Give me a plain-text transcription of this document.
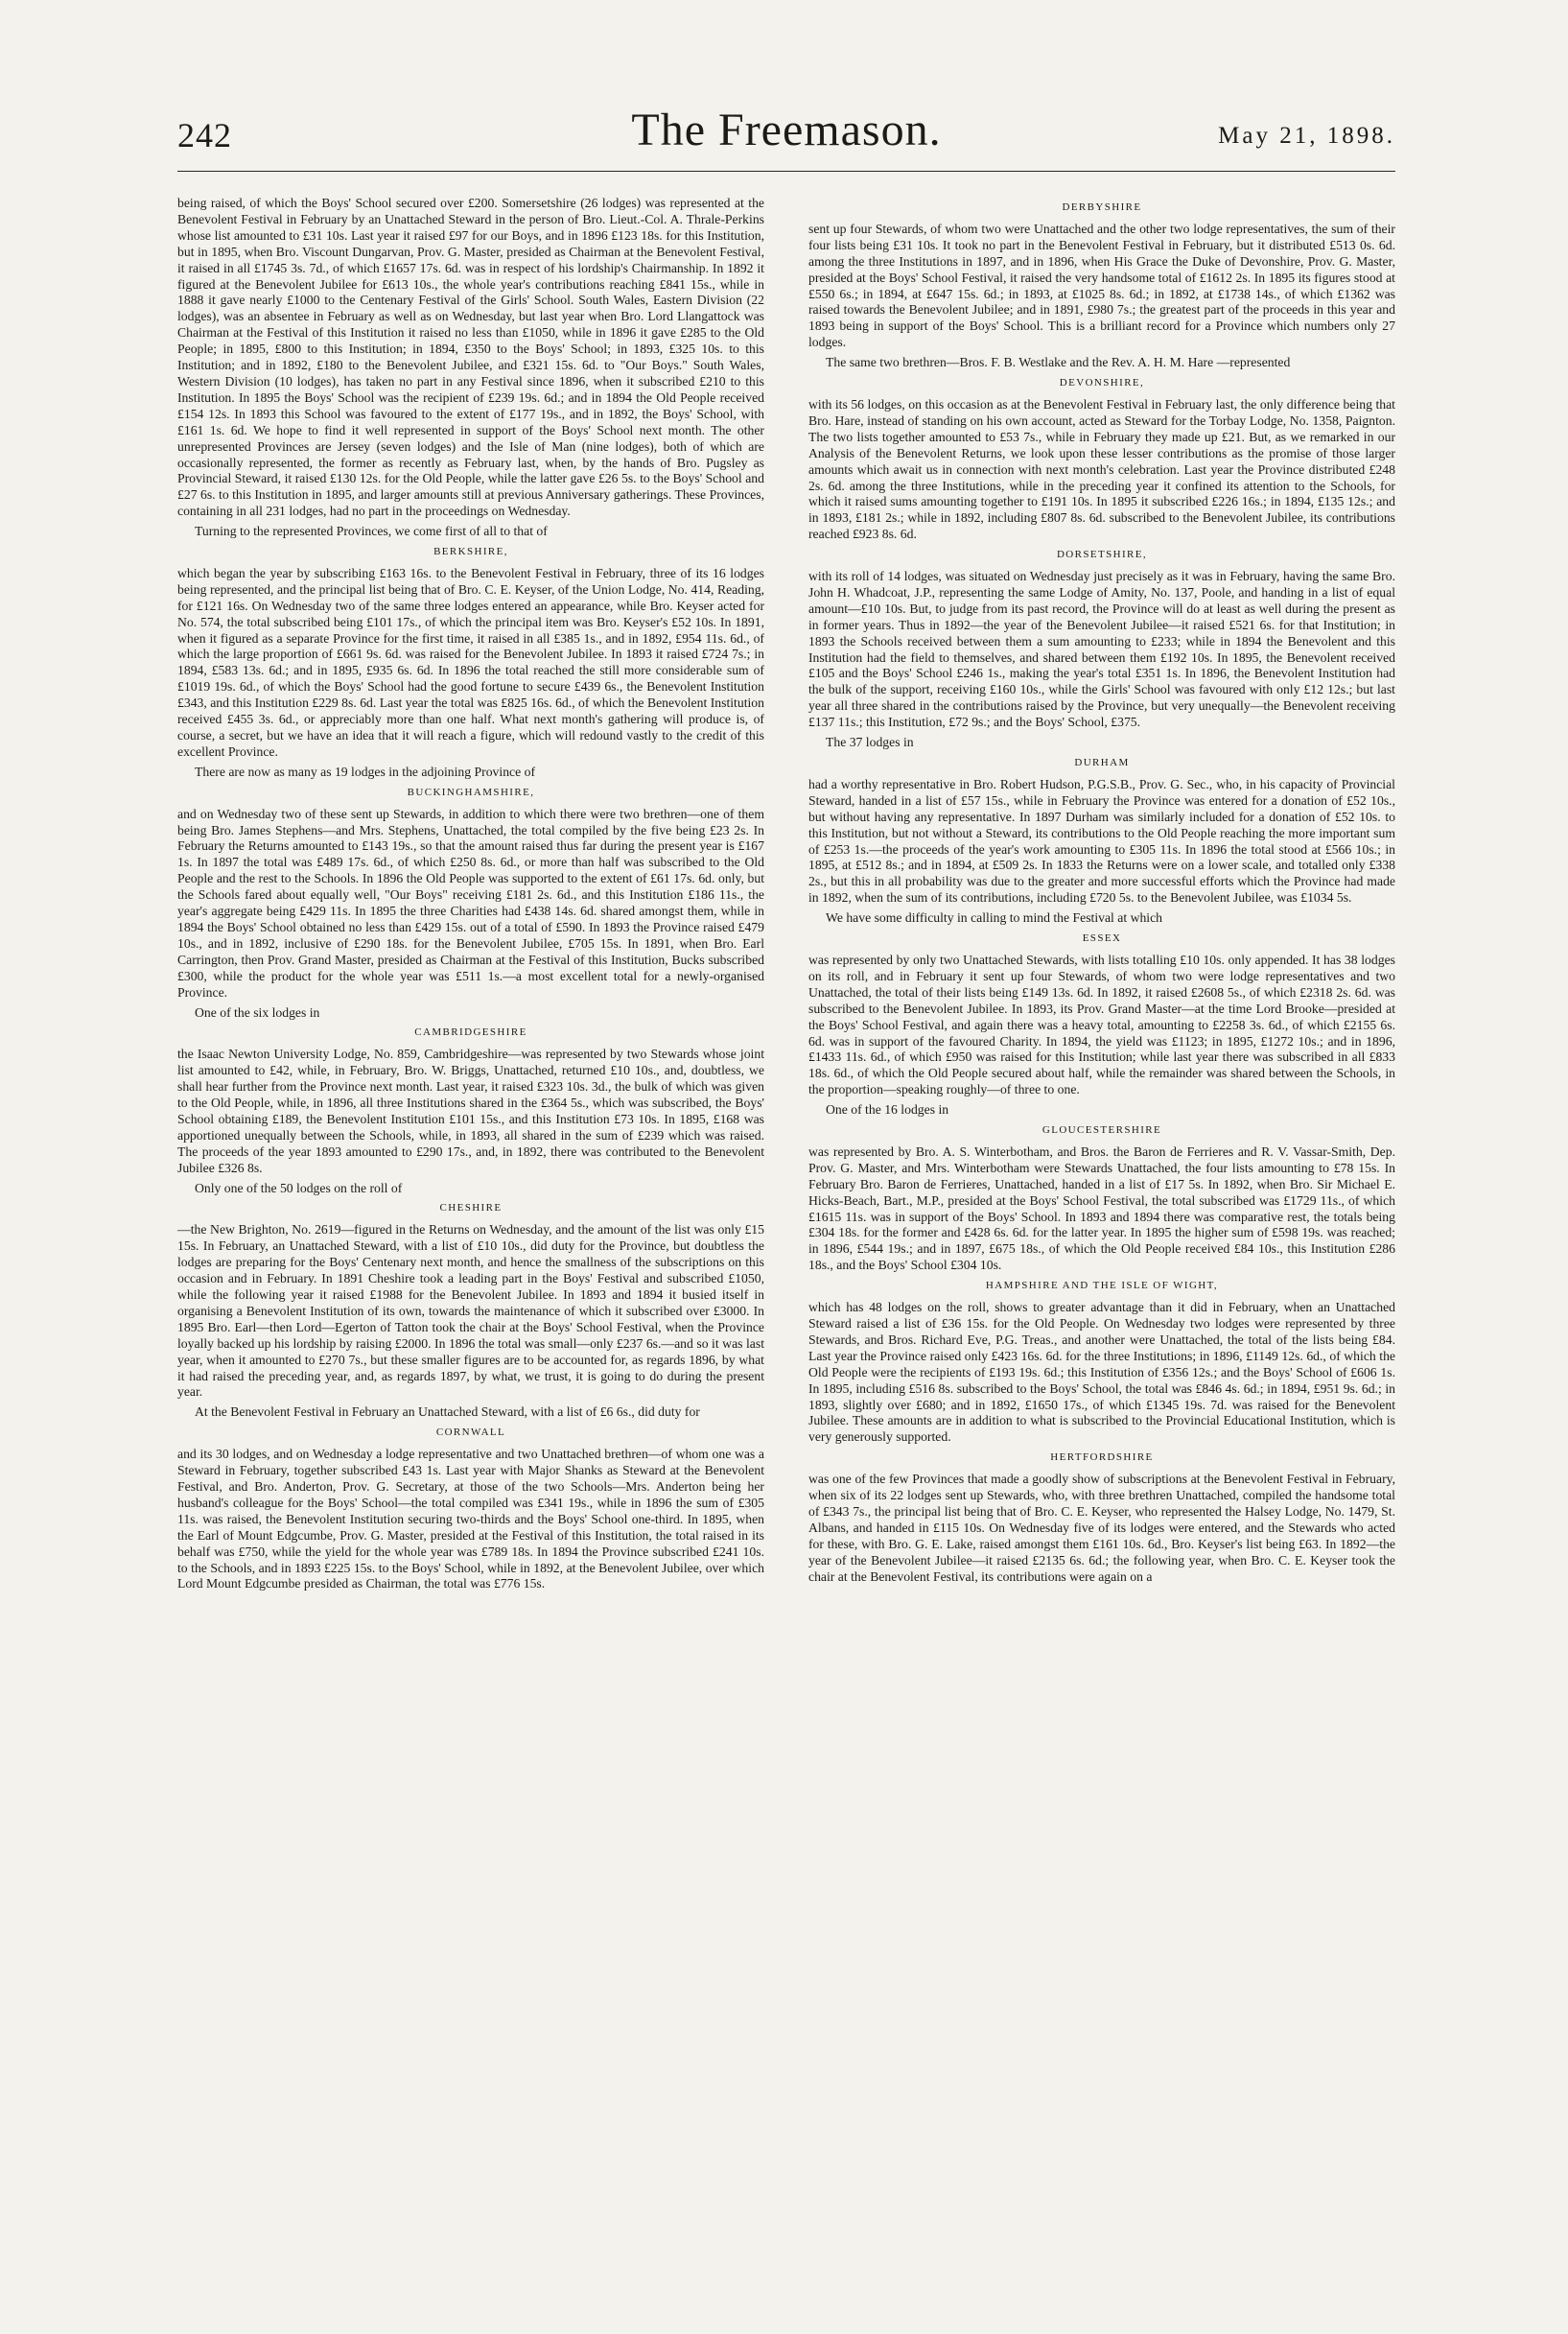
242	The Freemason.	May 21, 1898.

being raised, of which the Boys' School secured over £200. Somersetshire (26 lodges) was represented at the Benevolent Festival in February by an Unattached Steward in the person of Bro. Lieut.-Col. A. Thrale-Perkins whose list amounted to £31 10s. Last year it raised £97 for our Boys, and in 1896 £123 18s. for this Institution, but in 1895, when Bro. Viscount Dungarvan, Prov. G. Master, presided as Chairman at the Benevolent Festival, it raised in all £1745 3s. 7d., of which £1657 17s. 6d. was in respect of his lordship's Chairmanship. In 1892 it figured at the Benevolent Jubilee for £613 10s., the whole year's contributions reaching £841 15s., while in 1888 it gave nearly £1000 to the Centenary Festival of the Girls' School. South Wales, Eastern Division (22 lodges), was an absentee in February as well as on Wednesday, but last year when Bro. Lord Llangattock was Chairman at the Festival of this Institution it raised no less than £1050, while in 1896 it gave £285 to the Old People; in 1895, £800 to this Institution; in 1894, £350 to the Boys' School; in 1893, £325 10s. to this Institution; and in 1892, £180 to the Benevolent Jubilee, and £321 15s. 6d. to "Our Boys." South Wales, Western Division (10 lodges), has taken no part in any Festival since 1896, when it subscribed £210 to this Institution. In 1895 the Boys' School was the recipient of £239 19s. 6d.; and in 1894 the Old People received £154 12s. In 1893 this School was favoured to the extent of £177 19s., and in 1892, the Boys' School, with £161 1s. 6d. We hope to find it well represented in support of the Boys' School next month. The other unrepresented Provinces are Jersey (seven lodges) and the Isle of Man (nine lodges), both of which are occasionally represented, the former as recently as February last, when, by the hands of Bro. Pugsley as Provincial Steward, it raised £130 12s. for the Old People, while the latter gave £26 5s. to the Boys' School and £27 6s. to this Institution in 1895, and larger amounts still at previous Anniversary gatherings. These Provinces, containing in all 231 lodges, had no part in the proceedings on Wednesday.

Turning to the represented Provinces, we come first of all to that of

BERKSHIRE,

which began the year by subscribing £163 16s. to the Benevolent Festival in February, three of its 16 lodges being represented, and the principal list being that of Bro. C. E. Keyser, of the Union Lodge, No. 414, Reading, for £121 16s. On Wednesday two of the same three lodges entered an appearance, while Bro. Keyser acted for No. 574, the total subscribed being £101 17s., of which the principal item was Bro. Keyser's £52 10s. In 1891, when it figured as a separate Province for the first time, it raised in all £385 1s., and in 1892, £954 11s. 6d., of which the large proportion of £661 9s. 6d. was raised for the Benevolent Jubilee. In 1893 it raised £724 7s.; in 1894, £583 13s. 6d.; and in 1895, £935 6s. 6d. In 1896 the total reached the still more considerable sum of £1019 19s. 6d., of which the Boys' School had the good fortune to secure £439 6s., the Benevolent Institution £343, and this Institution £229 8s. 6d. Last year the total was £825 16s. 6d., of which the Benevolent Institution received £455 3s. 6d., or appreciably more than one half. What next month's gathering will produce is, of course, a secret, but we have an idea that it will reach a figure, which will redound vastly to the credit of this excellent Province.

There are now as many as 19 lodges in the adjoining Province of

BUCKINGHAMSHIRE,

and on Wednesday two of these sent up Stewards, in addition to which there were two brethren—one of them being Bro. James Stephens—and Mrs. Stephens, Unattached, the total compiled by the five being £23 2s. In February the Returns amounted to £143 19s., so that the amount raised thus far during the present year is £167 1s. In 1897 the total was £489 17s. 6d., of which £250 8s. 6d., or more than half was subscribed to the Old People and the rest to the Schools. In 1896 the Old People was supported to the extent of £61 17s. 6d. only, but the Schools fared about equally well, "Our Boys" receiving £181 2s. 6d., and this Institution £186 11s., the year's aggregate being £429 11s. In 1895 the three Charities had £438 14s. 6d. shared amongst them, while in 1894 the Boys' School obtained no less than £429 15s. out of a total of £590. In 1893 the Province raised £479 10s., and in 1892, inclusive of £290 18s. for the Benevolent Jubilee, £705 15s. In 1891, when Bro. Earl Carrington, then Prov. Grand Master, presided as Chairman at the Festival of this Institution, Bucks subscribed £300, while the product for the whole year was £511 1s.—a most excellent total for a newly-organised Province.

One of the six lodges in

CAMBRIDGESHIRE

the Isaac Newton University Lodge, No. 859, Cambridgeshire—was represented by two Stewards whose joint list amounted to £42, while, in February, Bro. W. Briggs, Unattached, returned £10 10s., and, doubtless, we shall hear further from the Province next month. Last year, it raised £323 10s. 3d., the bulk of which was given to the Old People, while, in 1896, all three Institutions shared in the £364 5s., which was subscribed, the Boys' School obtaining £189, the Benevolent Institution £101 15s., and this Institution £73 10s. In 1895, £168 was apportioned unequally between the Schools, while, in 1893, all shared in the sum of £239 which was raised. The proceeds of the year 1893 amounted to £290 17s., and, in 1892, there was contributed to the Benevolent Jubilee £326 8s.

Only one of the 50 lodges on the roll of

CHESHIRE

—the New Brighton, No. 2619—figured in the Returns on Wednesday, and the amount of the list was only £15 15s. In February, an Unattached Steward, with a list of £10 10s., did duty for the Province, but doubtless the lodges are preparing for the Boys' Centenary next month, and hence the smallness of the subscriptions on this occasion and in February. In 1891 Cheshire took a leading part in the Boys' Festival and subscribed £1050, while the following year it raised £1988 for the Benevolent Jubilee. In 1893 and 1894 it busied itself in organising a Benevolent Institution of its own, towards the maintenance of which it subscribed over £3000. In 1895 Bro. Earl—then Lord—Egerton of Tatton took the chair at the Boys' School Festival, when the Province loyally backed up his lordship by raising £2000. In 1896 the total was small—only £237 6s.—and so it was last year, when it amounted to £270 7s., but these smaller figures are to be accounted for, as regards 1896, by what it had raised the preceding year, and, as regards 1897, by what, we trust, it is going to do during the present year.

At the Benevolent Festival in February an Unattached Steward, with a list of £6 6s., did duty for

CORNWALL

and its 30 lodges, and on Wednesday a lodge representative and two Unattached brethren—of whom one was a Steward in February, together subscribed £43 1s. Last year with Major Shanks as Steward at the Benevolent Festival, and Bro. Anderton, Prov. G. Secretary, at those of the two Schools—Mrs. Anderton being her husband's colleague for the Boys' School—the total compiled was £341 19s., while in 1896 the sum of £305 11s. was raised, the Benevolent Institution securing two-thirds and the Boys' School one-third. In 1895, when the Earl of Mount Edgcumbe, Prov. G. Master, presided at the Festival of this Institution, the total raised in its behalf was £750, while the yield for the whole year was £789 18s. In 1894 the Province subscribed £241 10s. to the Schools, and in 1893 £225 15s. to the Boys' School, while in 1892, at the Benevolent Jubilee, over which Lord Mount Edgcumbe presided as Chairman, the total was £776 15s.

DERBYSHIRE

sent up four Stewards, of whom two were Unattached and the other two lodge representatives, the sum of their four lists being £31 10s. It took no part in the Benevolent Festival in February, but it distributed £513 0s. 6d. among the three Institutions in 1897, and in 1896, when His Grace the Duke of Devonshire, Prov. G. Master, presided at the Boys' School Festival, it raised the very handsome total of £1612 2s. In 1895 its figures stood at £550 6s.; in 1894, at £647 15s. 6d.; in 1893, at £1025 8s. 6d.; in 1892, at £1738 14s., of which £1362 was raised towards the Benevolent Jubilee; and in 1891, £980 7s.; the greatest part of the proceeds in this year and 1893 being in support of the Boys' School. This is a brilliant record for a Province which numbers only 27 lodges.

The same two brethren—Bros. F. B. Westlake and the Rev. A. H. M. Hare —represented

DEVONSHIRE,

with its 56 lodges, on this occasion as at the Benevolent Festival in February last, the only difference being that Bro. Hare, instead of standing on his own account, acted as Steward for the Torbay Lodge, No. 1358, Paignton. The two lists together amounted to £53 7s., while in February they made up £21. But, as we remarked in our Analysis of the Benevolent Returns, we look upon these lesser contributions as the promise of those larger amounts which await us in connection with next month's celebration. Last year the Province distributed £248 2s. 6d. among the three Institutions, while in the preceding year it confined its attention to the Schools, for which it raised sums amounting together to £191 10s. In 1895 it subscribed £226 16s.; in 1894, £135 12s.; and in 1893, £181 2s.; while in 1892, including £807 8s. 6d. subscribed to the Benevolent Jubilee, its contributions reached £923 8s. 6d.

DORSETSHIRE,

with its roll of 14 lodges, was situated on Wednesday just precisely as it was in February, having the same Bro. John H. Whadcoat, J.P., representing the same Lodge of Amity, No. 137, Poole, and handing in a list of equal amount—£10 10s. But, to judge from its past record, the Province will do at least as well during the present as in former years. Thus in 1892—the year of the Benevolent Jubilee—it raised £521 6s. for that Institution; in 1893 the Schools received between them a sum amounting to £233; while in 1894 the Benevolent and this Institution had the field to themselves, and shared between them £192 10s. In 1895, the Benevolent received £105 and the Boys' School £246 1s., making the year's total £351 1s. In 1896, the Benevolent Institution had the bulk of the support, receiving £160 10s., while the Girls' School was favoured with only £12 12s.; but last year all three shared in the contributions raised by the Province, but very unequally—the Benevolent receiving £137 11s.; this Institution, £72 9s.; and the Boys' School, £375.

The 37 lodges in

DURHAM

had a worthy representative in Bro. Robert Hudson, P.G.S.B., Prov. G. Sec., who, in his capacity of Provincial Steward, handed in a list of £57 15s., while in February the Province was entered for a donation of £52 10s., but without having any representative. In 1897 Durham was similarly included for a donation of £52 10s. to this Institution, but not without a Steward, its contributions to the Old People reaching the more important sum of £253 1s.—the proceeds of the year's work amounting to £305 11s. In 1896 the total stood at £566 10s.; in 1895, at £512 8s.; and in 1894, at £509 2s. In 1833 the Returns were on a lower scale, and totalled only £338 2s., but this in all probability was due to the greater and more successful efforts which the Province had made in 1892, when the sum of its contributions, including £720 5s. to the Benevolent Jubilee, was £1034 5s.

We have some difficulty in calling to mind the Festival at which

ESSEX

was represented by only two Unattached Stewards, with lists totalling £10 10s. only appended. It has 38 lodges on its roll, and in February it sent up four Stewards, of whom two were lodge representatives and two Unattached, the total of their lists being £149 13s. 6d. In 1892, it raised £2608 5s., of which £2318 2s. 6d. was subscribed to the Benevolent Jubilee. In 1893, its Prov. Grand Master—at the time Lord Brooke—presided at the Boys' School Festival, and again there was a heavy total, amounting to £2258 3s. 6d., of which £2155 6s. 6d. was in support of the favoured Charity. In 1894, the yield was £1123; in 1895, £1272 10s.; and in 1896, £1433 11s. 6d., of which £950 was raised for this Institution; while last year there was subscribed in all £833 18s. 6d., of which the Old People secured about half, while the remainder was shared between the Schools, in the proportion—speaking roughly—of three to one.

One of the 16 lodges in

GLOUCESTERSHIRE

was represented by Bro. A. S. Winterbotham, and Bros. the Baron de Ferrieres and R. V. Vassar-Smith, Dep. Prov. G. Master, and Mrs. Winterbotham were Stewards Unattached, the four lists amounting to £78 15s. In February Bro. Baron de Ferrieres, Unattached, handed in a list of £17 5s. In 1892, when Bro. Sir Michael E. Hicks-Beach, Bart., M.P., presided at the Boys' School Festival, the total subscribed was £1729 11s., of which £1615 11s. was in support of the Boys' School. In 1893 and 1894 there was comparative rest, the totals being £304 18s. for the former and £428 6s. 6d. for the latter year. In 1895 the higher sum of £598 19s. was reached; in 1896, £544 19s.; and in 1897, £675 18s., of which the Old People received £84 10s., this Institution £286 18s., and the Boys' School £304 10s.

HAMPSHIRE AND THE ISLE OF WIGHT,

which has 48 lodges on the roll, shows to greater advantage than it did in February, when an Unattached Steward raised a list of £36 15s. for the Old People. On Wednesday two lodges were represented by three Stewards, and Bros. Richard Eve, P.G. Treas., and another were Unattached, the total of the lists being £84. Last year the Province raised only £423 16s. 6d. for the three Institutions; in 1896, £1149 12s. 6d., of which the Old People were the recipients of £193 19s. 6d.; this Institution of £356 12s.; and the Boys' School of £606 1s. In 1895, including £516 8s. subscribed to the Boys' School, the total was £846 4s. 6d.; in 1894, £951 9s. 6d.; in 1893, slightly over £680; and in 1892, £1650 17s., of which £1345 19s. 7d. was raised for the Benevolent Jubilee. These amounts are in addition to what is subscribed to the Provincial Educational Institution, which is very generously supported.

HERTFORDSHIRE

was one of the few Provinces that made a goodly show of subscriptions at the Benevolent Festival in February, when six of its 22 lodges sent up Stewards, who, with three brethren Unattached, compiled the handsome total of £343 7s., the principal list being that of Bro. C. E. Keyser, who represented the Halsey Lodge, No. 1479, St. Albans, and handed in £115 10s. On Wednesday five of its lodges were entered, and the Stewards who acted for these, with Bro. G. E. Lake, raised amongst them £161 10s. 6d., Bro. Keyser's list being £63. In 1892—the year of the Benevolent Jubilee—it raised £2135 6s. 6d.; the following year, when Bro. C. E. Keyser took the chair at the Benevolent Festival, its contributions were again on a
